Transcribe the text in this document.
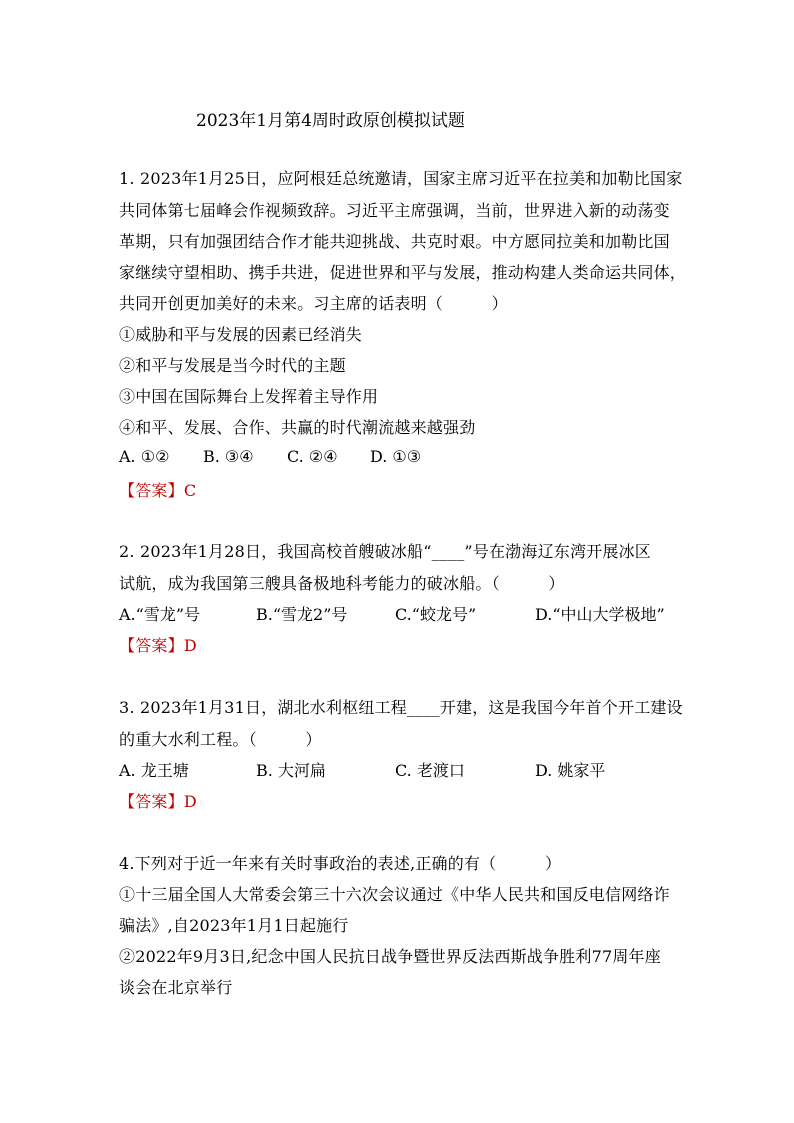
2023年1月第4周时政原创模拟试题
1. 2023年1月25日，应阿根廷总统邀请，国家主席习近平在拉美和加勒比国家
共同体第七届峰会作视频致辞。习近平主席强调，当前，世界进入新的动荡变
革期，只有加强团结合作才能共迎挑战、共克时艰。中方愿同拉美和加勒比国
家继续守望相助、携手共进，促进世界和平与发展，推动构建人类命运共同体，
共同开创更加美好的未来。习主席的话表明（　　　）
①威胁和平与发展的因素已经消失
②和平与发展是当今时代的主题
③中国在国际舞台上发挥着主导作用
④和平、发展、合作、共赢的时代潮流越来越强劲
A. ①② B. ③④ C. ②④ D. ①③
【答案】C
2. 2023年1月28日，我国高校首艘破冰船“____”号在渤海辽东湾开展冰区
试航，成为我国第三艘具备极地科考能力的破冰船。（　　　）
A.“雪龙”号	B.“雪龙2”号	C.“蛟龙号”	D.“中山大学极地”
【答案】D
3. 2023年1月31日，湖北水利枢纽工程____开建，这是我国今年首个开工建设
的重大水利工程。（　　　）
A. 龙王塘	B. 大河扁	C. 老渡口	D. 姚家平
【答案】D
4.下列对于近一年来有关时事政治的表述,正确的有（　　　）
①十三届全国人大常委会第三十六次会议通过《中华人民共和国反电信网络诈
骗法》,自2023年1月1日起施行
②2022年9月3日,纪念中国人民抗日战争暨世界反法西斯战争胜利77周年座
谈会在北京举行
